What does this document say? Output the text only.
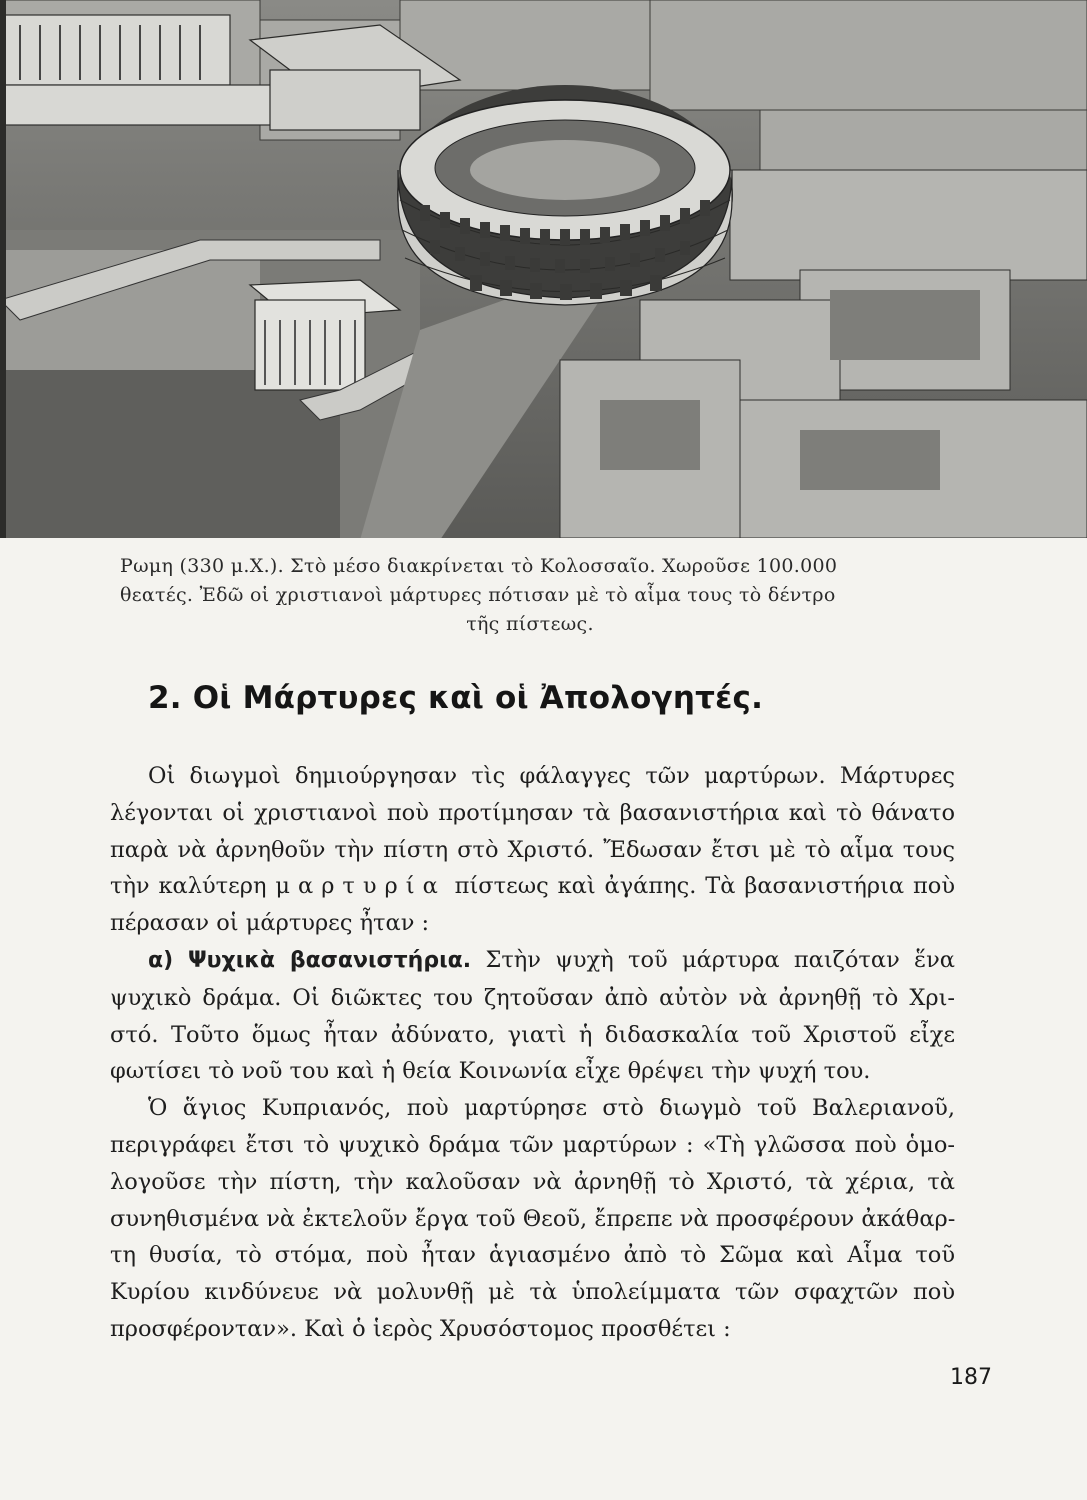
Ρωμη (330 μ.Χ.). Στὸ μέσο διακρίνεται τὸ Κολοσσαῖο. Χωροῦσε 100.000
θεατές. Ἐδῶ οἱ χριστιανοὶ μάρτυρες πότισαν μὲ τὸ αἷμα τους τὸ δέντρο
τῆς πίστεως.
2. Οἱ Μάρτυρες καὶ οἱ Ἀπολογητές.
Οἱ διωγμοὶ δημιούργησαν τὶς φάλαγγες τῶν μαρτύρων. Μάρτυρες
λέγονται οἱ χριστιανοὶ ποὺ προτίμησαν τὰ βασανιστήρια καὶ τὸ θάνατο
παρὰ νὰ ἀρνηθοῦν τὴν πίστη στὸ Χριστό. Ἔδωσαν ἔτσι μὲ τὸ αἷμα τους
τὴν καλύτερη μαρτυρία πίστεως καὶ ἀγάπης. Τὰ βασανιστήρια ποὺ
πέρασαν οἱ μάρτυρες ἦταν :
α) Ψυχικὰ βασανιστήρια. Στὴν ψυχὴ τοῦ μάρτυρα παιζόταν ἕνα
ψυχικὸ δράμα. Οἱ διῶκτες του ζητοῦσαν ἀπὸ αὐτὸν νὰ ἀρνηθῇ τὸ Χρι-
στό. Τοῦτο ὅμως ἦταν ἀδύνατο, γιατὶ ἡ διδασκαλία τοῦ Χριστοῦ εἶχε
φωτίσει τὸ νοῦ του καὶ ἡ θεία Κοινωνία εἶχε θρέψει τὴν ψυχή του.
Ὁ ἅγιος Κυπριανός, ποὺ μαρτύρησε στὸ διωγμὸ τοῦ Βαλεριανοῦ,
περιγράφει ἔτσι τὸ ψυχικὸ δράμα τῶν μαρτύρων : «Τὴ γλῶσσα ποὺ ὁμο-
λογοῦσε τὴν πίστη, τὴν καλοῦσαν νὰ ἀρνηθῇ τὸ Χριστό, τὰ χέρια, τὰ
συνηθισμένα νὰ ἐκτελοῦν ἔργα τοῦ Θεοῦ, ἔπρεπε νὰ προσφέρουν ἀκάθαρ-
τη θυσία, τὸ στόμα, ποὺ ἦταν ἁγιασμένο ἀπὸ τὸ Σῶμα καὶ Αἷμα τοῦ
Κυρίου κινδύνευε νὰ μολυνθῇ μὲ τὰ ὑπολείμματα τῶν σφαχτῶν ποὺ
προσφέρονταν». Καὶ ὁ ἱερὸς Χρυσόστομος προσθέτει :
187
